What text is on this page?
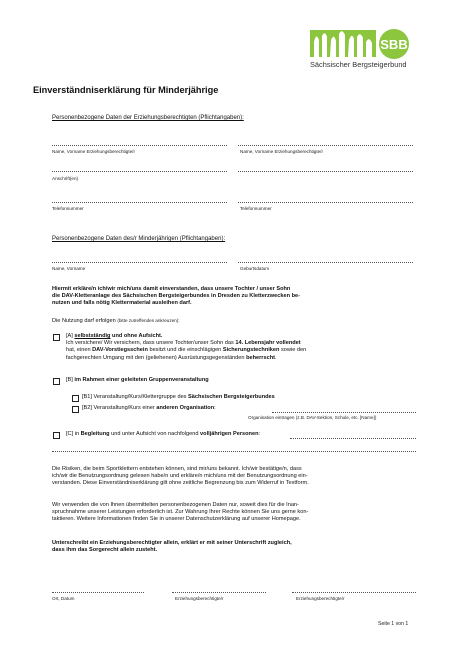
SBB
Sächsischer Bergsteigerbund
Einverständniserklärung für Minderjährige
Personenbezogene Daten der Erziehungsberechtigten (Pflichtangaben):
Name, Vorname Erziehungsberechtigte/r	Name, Vorname Erziehungsberechtigte/r
Anschrift(en)
Telefonnummer	Telefonnummer
Personenbezogene Daten des/r Minderjährigen (Pflichtangaben):
Name, Vorname	Geburtsdatum
Hiermit erkläre/n ich/wir mich/uns damit einverstanden, dass unsere Tochter / unser Sohn
die DAV-Kletteranlage des Sächsischen Bergsteigerbundes in Dresden zu Kletterzwecken be-
nutzen und falls nötig Klettermaterial ausleihen darf.
Die Nutzung darf erfolgen (bitte zutreffendes ankreuzen):
[A] selbstständig und ohne Aufsicht.
Ich versichere/ Wir versichern, dass unsere Tochter/unser Sohn das 14. Lebensjahr vollendet
hat, einen DAV-Vorstiegsschein besitzt und die einschlägigen Sicherungstechniken sowie den
fachgerechten Umgang mit den (geliehenen) Ausrüstungsgegenständen beherrscht.
[B] im Rahmen einer geleiteten Gruppenveranstaltung
[B1] Veranstaltung/Kurs/Klettergruppe des Sächsischen Bergsteigerbundes
[B2] Veranstaltung/Kurs einer anderen Organisation:
Organisation eintragen (z.B. DAV-Sektion, Schule, etc. [Name])
[C] in Begleitung und unter Aufsicht von nachfolgend volljährigen Personen:
Die Risiken, die beim Sportklettern entstehen können, sind mir/uns bekannt. Ich/wir bestätige/n, dass
ich/wir die Benutzungsordnung gelesen habe/n und erkläre/n mich/uns mit der Benutzungsordnung ein-
verstanden. Diese Einverständniserklärung gilt ohne zeitliche Begrenzung bis zum Widerruf in Textform.
Wir verwenden die von Ihnen übermittelten personenbezogenen Daten nur, soweit dies für die Inan-
spruchnahme unserer Leistungen erforderlich ist. Zur Wahrung Ihrer Rechte können Sie uns gerne kon-
taktieren. Weitere Informationen finden Sie in unserer Datenschutzerklärung auf unserer Homepage.
Unterschreibt ein Erziehungsberechtigter allein, erklärt er mit seiner Unterschrift zugleich,
dass ihm das Sorgerecht allein zusteht.
Ort, Datum	Erziehungsberechtigte/r	Erziehungsberechtigte/r
Seite 1 von 1
